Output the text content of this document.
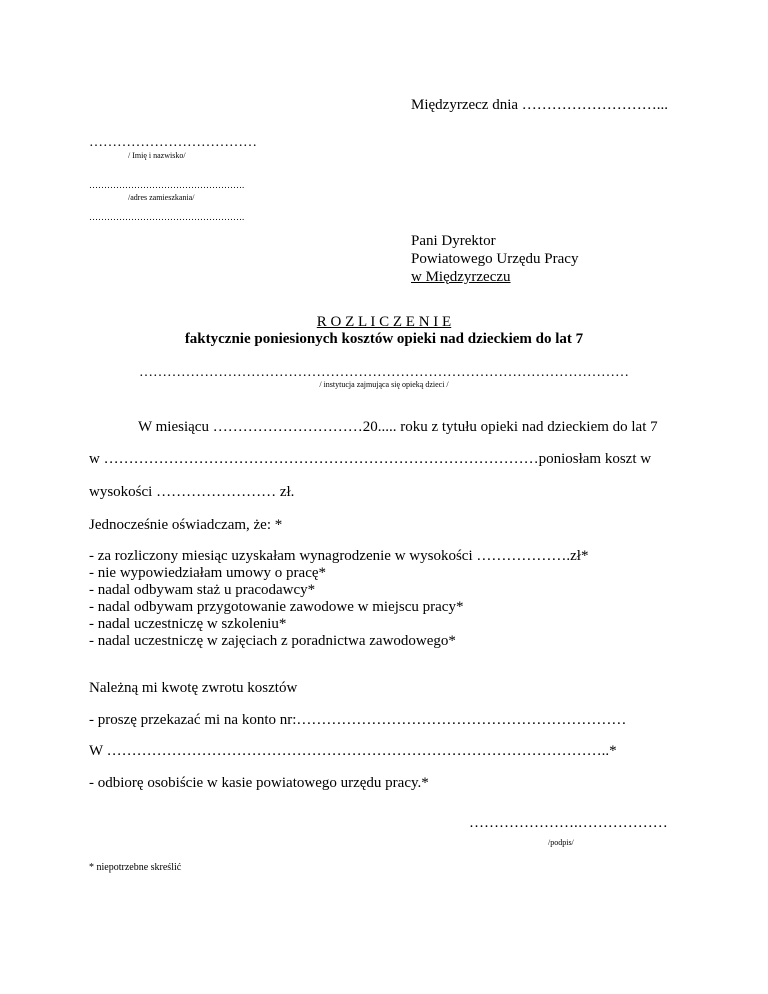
Międzyrzecz dnia ………………………...
………………………………
/ Imię i nazwisko/
…………………………………………….
/adres zamieszkania/
…………………………………………….
Pani Dyrektor
Powiatowego Urzędu Pracy
w Międzyrzeczu
R O Z L I C Z E N I E
faktycznie poniesionych kosztów opieki nad dzieckiem do lat 7
……………………………………………………………………………………………
/ instytucja zajmująca się opieką dzieci /
W miesiącu …………………………20..... roku z tytułu opieki nad dzieckiem do lat 7
w ……………………………………………………………………………poniosłam koszt w
wysokości …………………… zł.
Jednocześnie oświadczam, że: *
- za rozliczony miesiąc uzyskałam wynagrodzenie w wysokości ……………….zł*
- nie wypowiedziałam umowy o pracę*
- nadal odbywam staż u pracodawcy*
- nadal odbywam przygotowanie zawodowe w miejscu pracy*
- nadal uczestniczę w szkoleniu*
- nadal uczestniczę w zajęciach z poradnictwa zawodowego*
Należną mi kwotę zwrotu kosztów
- proszę przekazać mi na konto nr:…………………………………………………………
W ………………………………………………………………………………………..*
- odbiorę osobiście w kasie powiatowego urzędu pracy.*
………………….………………
/podpis/
* niepotrzebne skreślić
